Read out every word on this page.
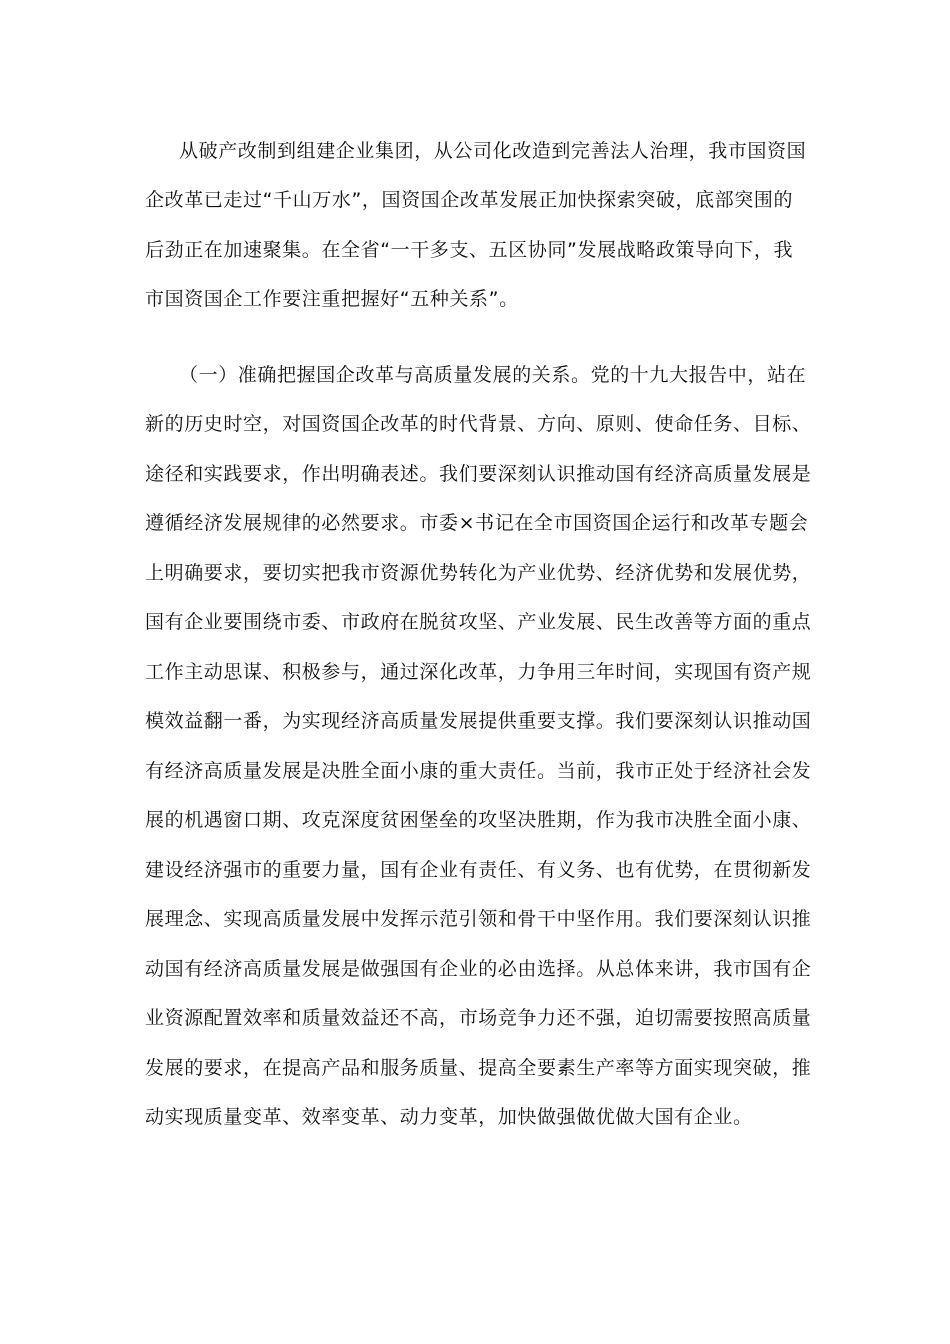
从破产改制到组建企业集团，从公司化改造到完善法人治理，我市国资国
企改革已走过“千山万水”，国资国企改革发展正加快探索突破，底部突围的
后劲正在加速聚集。在全省“一干多支、五区协同”发展战略政策导向下，我
市国资国企工作要注重把握好“五种关系”。
（一）准确把握国企改革与高质量发展的关系。党的十九大报告中，站在
新的历史时空，对国资国企改革的时代背景、方向、原则、使命任务、目标、
途径和实践要求，作出明确表述。我们要深刻认识推动国有经济高质量发展是
遵循经济发展规律的必然要求。市委×书记在全市国资国企运行和改革专题会
上明确要求，要切实把我市资源优势转化为产业优势、经济优势和发展优势，
国有企业要围绕市委、市政府在脱贫攻坚、产业发展、民生改善等方面的重点
工作主动思谋、积极参与，通过深化改革，力争用三年时间，实现国有资产规
模效益翻一番，为实现经济高质量发展提供重要支撑。我们要深刻认识推动国
有经济高质量发展是决胜全面小康的重大责任。当前，我市正处于经济社会发
展的机遇窗口期、攻克深度贫困堡垒的攻坚决胜期，作为我市决胜全面小康、
建设经济强市的重要力量，国有企业有责任、有义务、也有优势，在贯彻新发
展理念、实现高质量发展中发挥示范引领和骨干中坚作用。我们要深刻认识推
动国有经济高质量发展是做强国有企业的必由选择。从总体来讲，我市国有企
业资源配置效率和质量效益还不高，市场竞争力还不强，迫切需要按照高质量
发展的要求，在提高产品和服务质量、提高全要素生产率等方面实现突破，推
动实现质量变革、效率变革、动力变革，加快做强做优做大国有企业。
